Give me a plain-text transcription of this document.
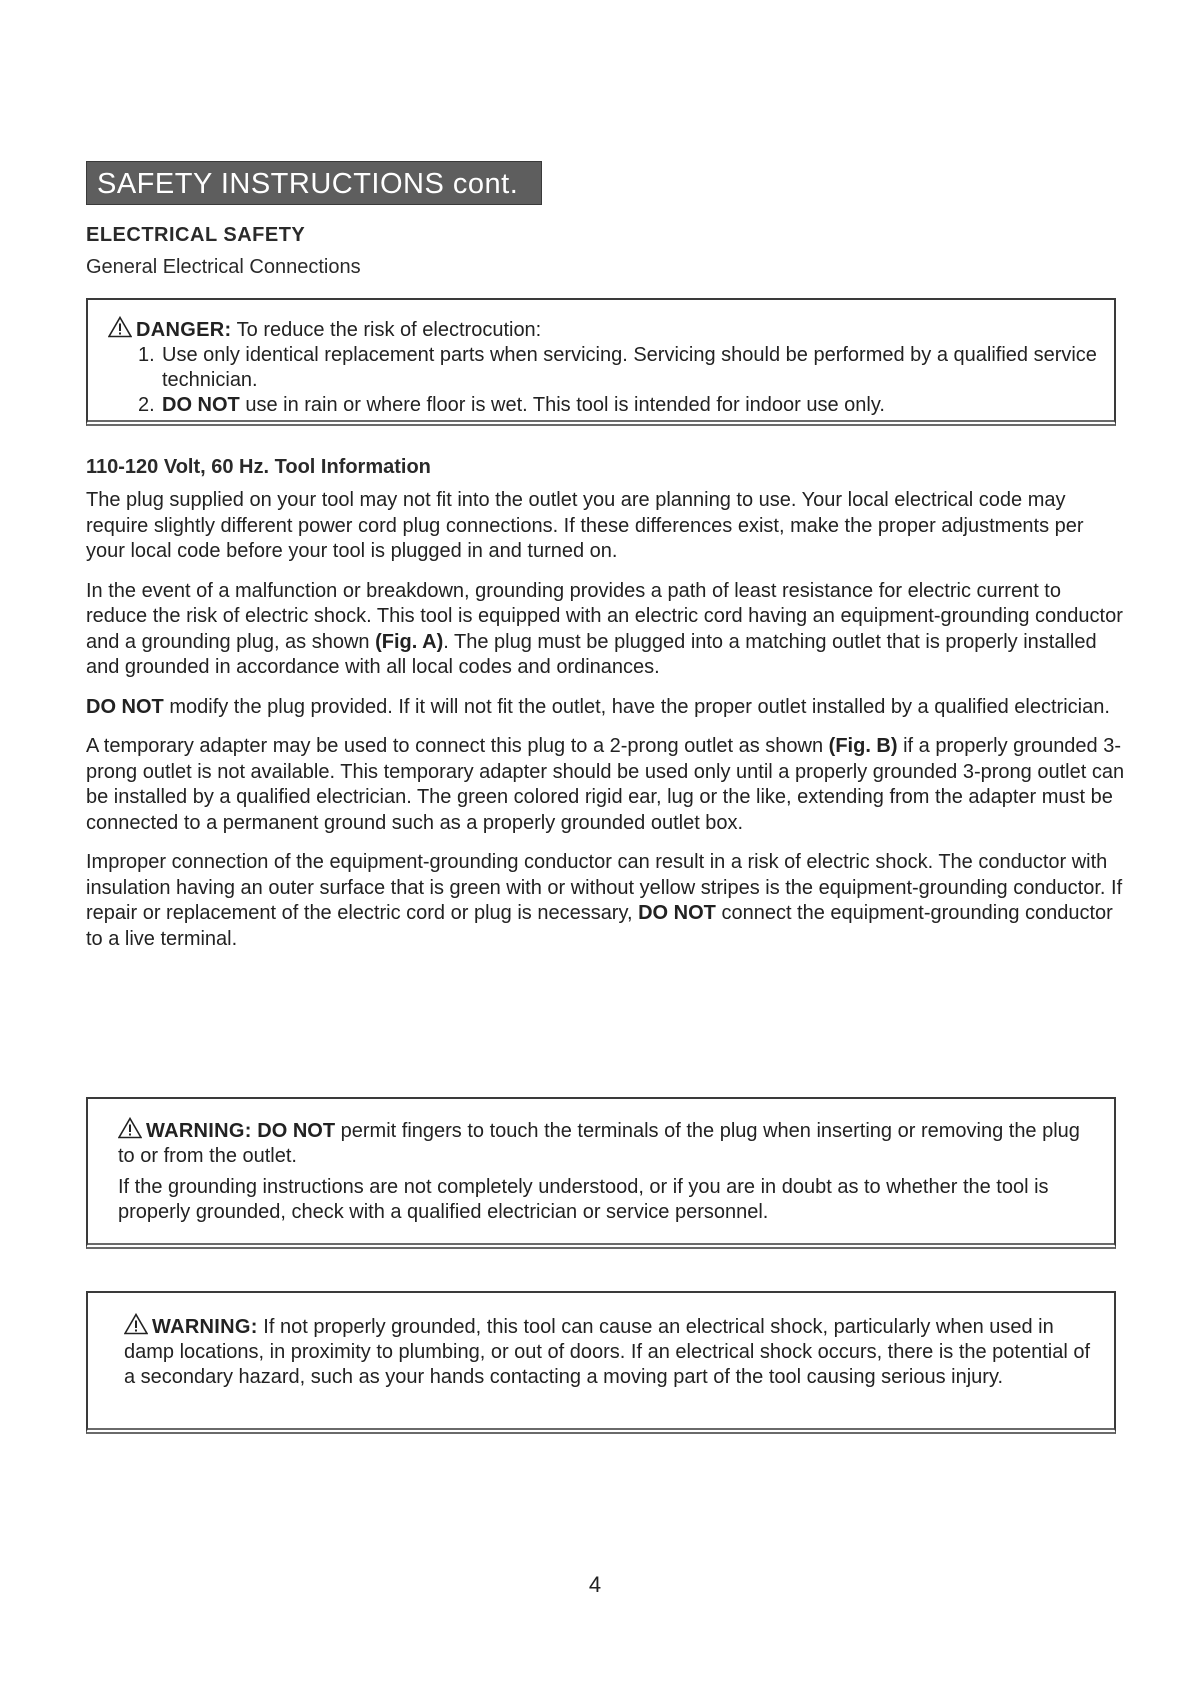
SAFETY INSTRUCTIONS cont.
ELECTRICAL SAFETY
General Electrical Connections

DANGER: To reduce the risk of electrocution:

1. Use only identical replacement parts when servicing. Servicing should be performed by a qualified service technician.
2. DO NOT use in rain or where floor is wet. This tool is intended for indoor use only.
110-120 Volt, 60 Hz. Tool Information

The plug supplied on your tool may not fit into the outlet you are planning to use. Your local electrical code may require slightly different power cord plug connections. If these differences exist, make the proper adjustments per your local code before your tool is plugged in and turned on.

In the event of a malfunction or breakdown, grounding provides a path of least resistance for electric current to reduce the risk of electric shock. This tool is equipped with an electric cord having an equipment-grounding conductor and a grounding plug, as shown (Fig. A). The plug must be plugged into a matching outlet that is properly installed and grounded in accordance with all local codes and ordinances.

DO NOT modify the plug provided. If it will not fit the outlet, have the proper outlet installed by a qualified electrician.

A temporary adapter may be used to connect this plug to a 2-prong outlet as shown (Fig. B) if a properly grounded 3-prong outlet is not available. This temporary adapter should be used only until a properly grounded 3-prong outlet can be installed by a qualified electrician. The green colored rigid ear, lug or the like, extending from the adapter must be connected to a permanent ground such as a properly grounded outlet box.

Improper connection of the equipment-grounding conductor can result in a risk of electric shock. The conductor with insulation having an outer surface that is green with or without yellow stripes is the equipment-grounding conductor. If repair or replacement of the electric cord or plug is necessary, DO NOT connect the equipment-grounding conductor to a live terminal.

WARNING: DO NOT permit fingers to touch the terminals of the plug when inserting or removing the plug to or from the outlet.

If the grounding instructions are not completely understood, or if you are in doubt as to whether the tool is properly grounded, check with a qualified electrician or service personnel.

WARNING: If not properly grounded, this tool can cause an electrical shock, particularly when used in damp locations, in proximity to plumbing, or out of doors. If an electrical shock occurs, there is the potential of a secondary hazard, such as your hands contacting a moving part of the tool causing serious injury.

4
